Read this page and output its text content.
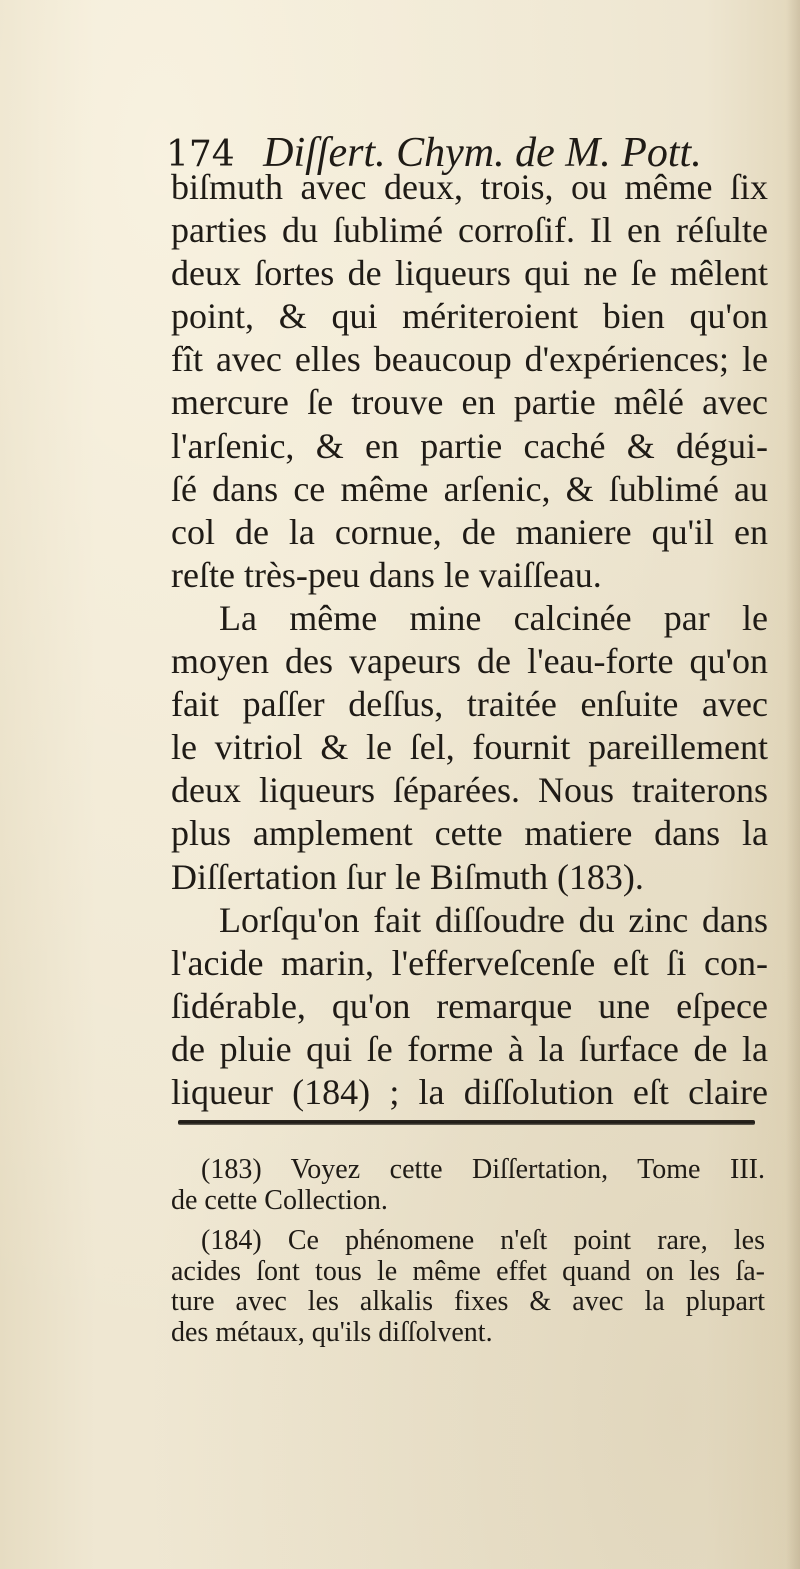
174 Diſſert. Chym. de M. Pott.
biſmuth avec deux, trois, ou même ſix
parties du ſublimé corroſif. Il en réſulte
deux ſortes de liqueurs qui ne ſe mêlent
point, & qui mériteroient bien qu'on
fît avec elles beaucoup d'expériences; le
mercure ſe trouve en partie mêlé avec
l'arſenic, & en partie caché & dégui-
ſé dans ce même arſenic, & ſublimé au
col de la cornue, de maniere qu'il en
reſte très-peu dans le vaiſſeau.
La même mine calcinée par le
moyen des vapeurs de l'eau-forte qu'on
fait paſſer deſſus, traitée enſuite avec
le vitriol & le ſel, fournit pareillement
deux liqueurs ſéparées. Nous traiterons
plus amplement cette matiere dans la
Diſſertation ſur le Biſmuth (183).
Lorſqu'on fait diſſoudre du zinc dans
l'acide marin, l'efferveſcenſe eſt ſi con-
ſidérable, qu'on remarque une eſpece
de pluie qui ſe forme à la ſurface de la
liqueur (184) ; la diſſolution eſt claire
(183) Voyez cette Diſſertation, Tome III.
de cette Collection.
(184) Ce phénomene n'eſt point rare, les
acides ſont tous le même effet quand on les ſa-
ture avec les alkalis fixes & avec la plupart
des métaux, qu'ils diſſolvent.
